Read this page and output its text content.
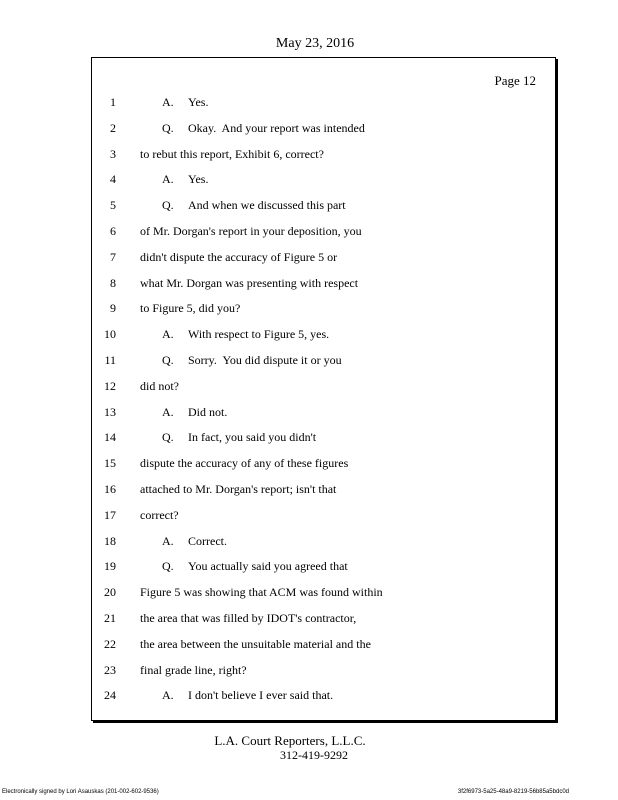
May 23, 2016
Page 12
1	A. Yes.
2	Q. Okay.  And your report was intended
3 to rebut this report, Exhibit 6, correct?
4	A. Yes.
5	Q. And when we discussed this part
6 of Mr. Dorgan's report in your deposition, you
7 didn't dispute the accuracy of Figure 5 or
8 what Mr. Dorgan was presenting with respect
9 to Figure 5, did you?
10	A. With respect to Figure 5, yes.
11	Q. Sorry.  You did dispute it or you
12 did not?
13	A. Did not.
14	Q. In fact, you said you didn't
15 dispute the accuracy of any of these figures
16 attached to Mr. Dorgan's report; isn't that
17 correct?
18	A. Correct.
19	Q. You actually said you agreed that
20 Figure 5 was showing that ACM was found within
21 the area that was filled by IDOT's contractor,
22 the area between the unsuitable material and the
23 final grade line, right?
24	A. I don't believe I ever said that.
L.A. Court Reporters, L.L.C.
312-419-9292
Electronically signed by Lori Asauskas (201-002-602-9536)	3f2f6973-5a25-48a9-8219-56b85a5bdc0d
